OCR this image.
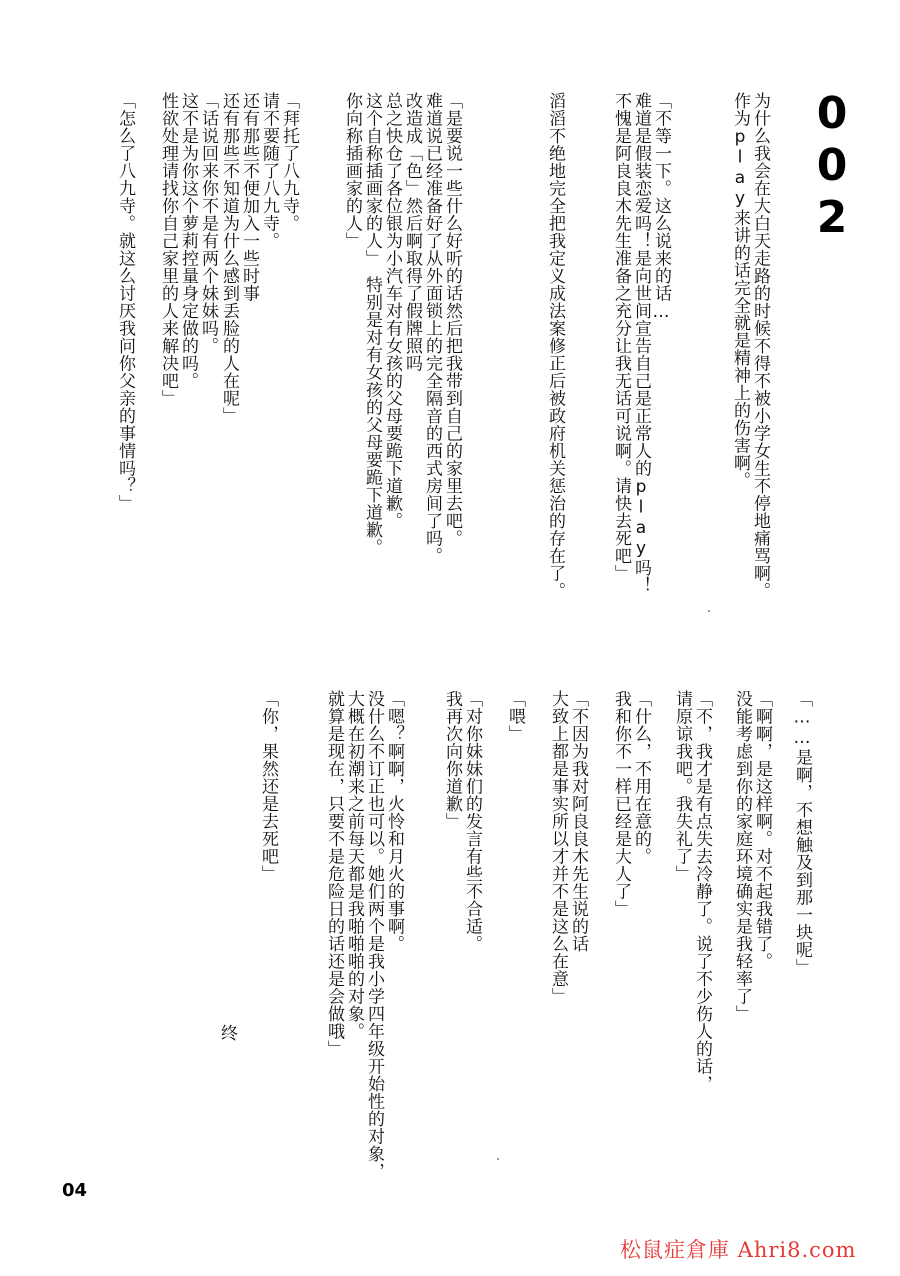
0
0
2
为什么我会在大白天走路的时候不得不被小学女生不停地痛骂啊。
作为play来讲的话完全就是精神上的伤害啊。
「不等一下。这么说来的话…
难道是假装恋爱吗！是向世间宣告自己是正常人的play吗！
不愧是阿良良木先生准备之充分让我无话可说啊。请快去死吧」
滔滔不绝地完全把我定义成法案修正后被政府机关惩治的存在了。
「是要说一些什么好听的话然后把我带到自己的家里去吧。
难道说已经准备好了从外面锁上的完全隔音的西式房间了吗。
改造成「色」然后啊取得了假牌照吗
总之快仓了各位银为小汽车对有女孩的父母要跪下道歉。
这个自称插画家的人」　特别是对有女孩的父母要跪下道歉。
你向称插画家的人」
「拜托了八九寺。
请不要随了八九寺。
还有那些不便加入一些时事
还有那些不知道为什么感到丢脸的人在呢」
「话说回来你不是有两个妹妹吗。
这不是为你这个萝莉控量身定做的吗。
性欲处理请找你自己家里的人来解决吧」
「怎么了八九寺。就这么讨厌我问你父亲的事情吗？」
「……是啊，不想触及到那一块呢」
「啊啊，是这样啊。对不起我错了。
没能考虑到你的家庭环境确实是我轻率了」
「不，我才是有点失去冷静了。说了不少伤人的话，
请原谅我吧。我失礼了」
「什么，不用在意的。
我和你不一样已经是大人了」
「不因为我对阿良良木先生说的话
大致上都是事实所以才并不是这么在意」
「喂」
「对你妹妹们的发言有些不合适。
我再次向你道歉」
「嗯？啊啊，火怜和月火的事啊。
没什么不订正也可以。她们两个是我小学四年级开始性的对象，
大概在初潮来之前每天都是我啪啪啪的对象。
就算是现在，只要不是危险日的话还是会做哦」
「你，果然还是去死吧」
终
04
松鼠症倉庫 Ahri8.com
